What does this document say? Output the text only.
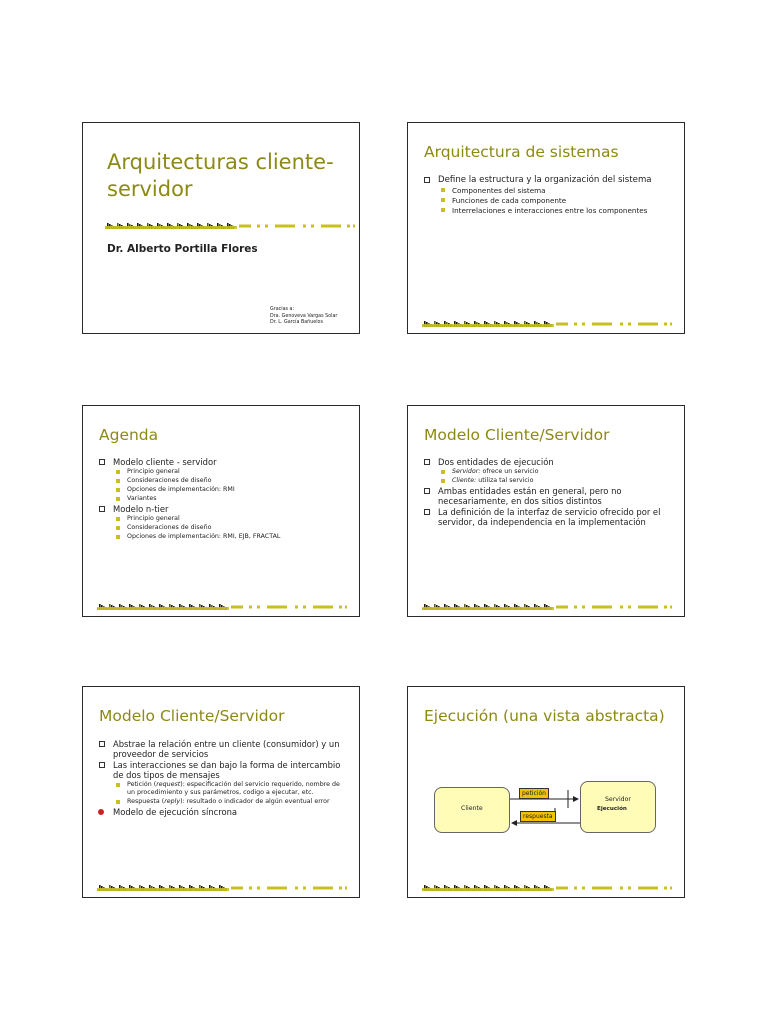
Arquitecturas cliente-
servidor
Dr. Alberto Portilla Flores
Gracias a:
Dra. Genoveva Vargas Solar
Dr. L. García Bañuelos
Arquitectura de sistemas
Define la estructura y la organización del sistema
Componentes del sistema
Funciones de cada componente
Interrelaciones e interacciones entre los componentes
Agenda
Modelo cliente - servidor
Principio general
Consideraciones de diseño
Opciones de implementación: RMI
Variantes
Modelo n-tier
Principio general
Consideraciones de diseño
Opciones de implementación: RMI, EJB, FRACTAL
Modelo Cliente/Servidor
Dos entidades de ejecución
Servidor: ofrece un servicio
Cliente: utiliza tal servicio
Ambas entidades están en general, pero no necesariamente, en dos sitios distintos
La definición de la interfaz de servicio ofrecido por el servidor, da independencia en la implementación
Modelo Cliente/Servidor
Abstrae la relación entre un cliente (consumidor) y un proveedor de servicios
Las interacciones se dan bajo la forma de intercambio de dos tipos de mensajes
Petición (request): especificación del servicio requerido, nombre de un procedimiento y sus parámetros, codigo a ejecutar, etc.
Respuesta (reply): resultado o indicador de algún eventual error
Modelo de ejecución síncrona
Ejecución (una vista abstracta)
Cliente
Servidor
Ejecución
petición
respuesta
